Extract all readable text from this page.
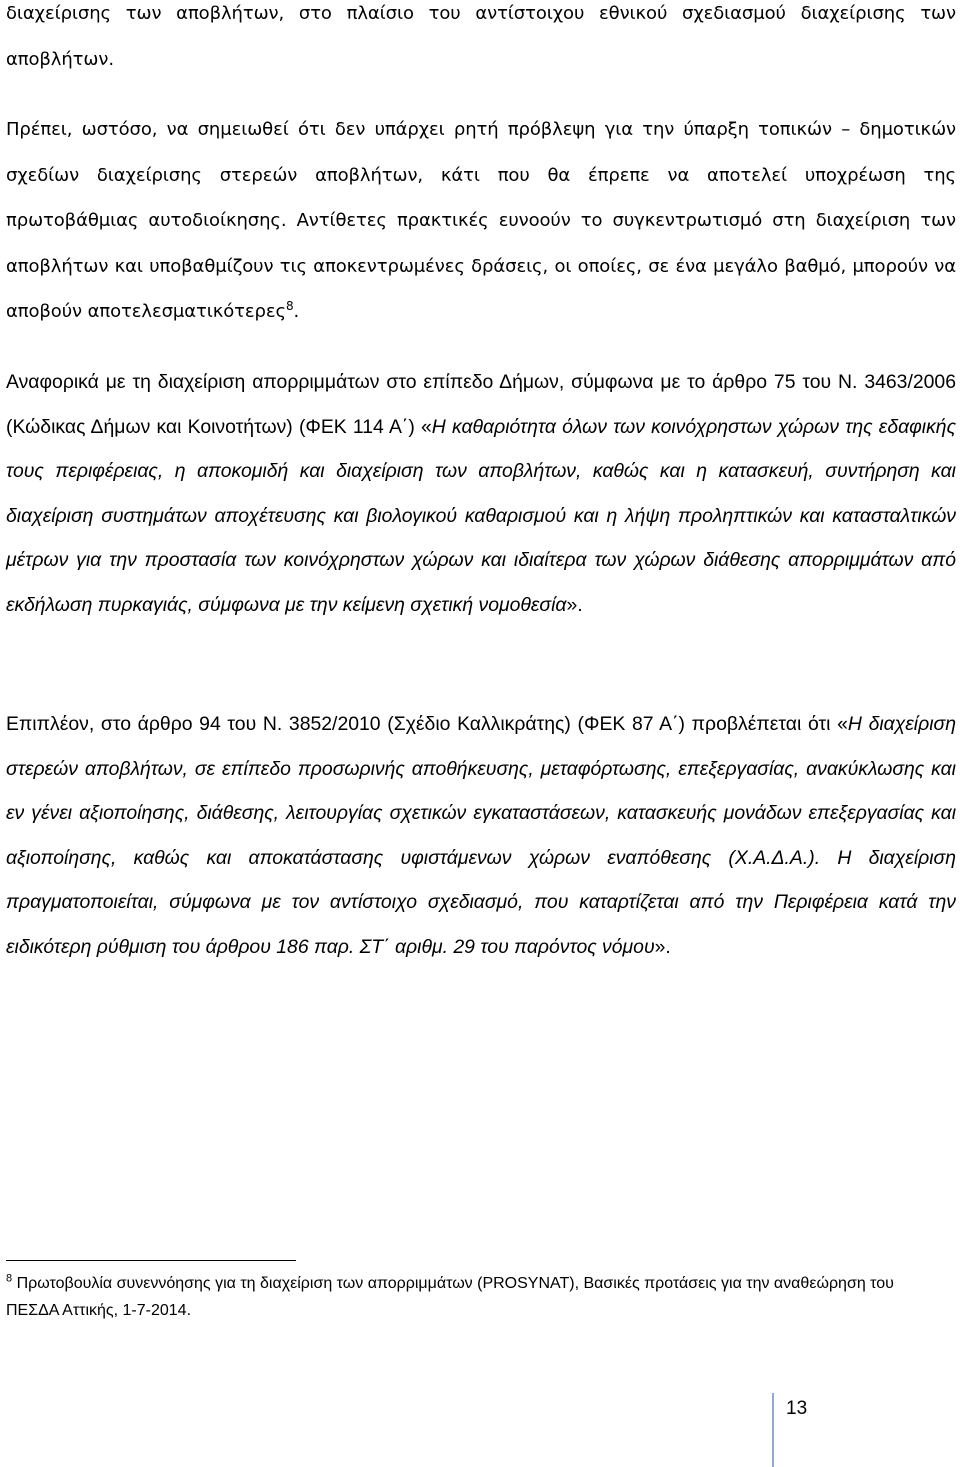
διαχείρισης των αποβλήτων, στο πλαίσιο του αντίστοιχου εθνικού σχεδιασμού διαχείρισης των αποβλήτων.

Πρέπει, ωστόσο, να σημειωθεί ότι δεν υπάρχει ρητή πρόβλεψη για την ύπαρξη τοπικών – δημοτικών σχεδίων διαχείρισης στερεών αποβλήτων, κάτι που θα έπρεπε να αποτελεί υποχρέωση της πρωτοβάθμιας αυτοδιοίκησης. Αντίθετες πρακτικές ευνοούν το συγκεντρωτισμό στη διαχείριση των αποβλήτων και υποβαθμίζουν τις αποκεντρωμένες δράσεις, οι οποίες, σε ένα μεγάλο βαθμό, μπορούν να αποβούν αποτελεσματικότερες$^8$.

Αναφορικά με τη διαχείριση απορριμμάτων στο επίπεδο Δήμων, σύμφωνα με το άρθρο 75 του Ν. 3463/2006 (Κώδικας Δήμων και Κοινοτήτων) (ΦΕΚ 114 Α΄) «Η καθαριότητα όλων των κοινόχρηστων χώρων της εδαφικής τους περιφέρειας, η αποκομιδή και διαχείριση των αποβλήτων, καθώς και η κατασκευή, συντήρηση και διαχείριση συστημάτων αποχέτευσης και βιολογικού καθαρισμού και η λήψη προληπτικών και κατασταλτικών μέτρων για την προστασία των κοινόχρηστων χώρων και ιδιαίτερα των χώρων διάθεσης απορριμμάτων από εκδήλωση πυρκαγιάς, σύμφωνα με την κείμενη σχετική νομοθεσία».

Επιπλέον, στο άρθρο 94 του Ν. 3852/2010 (Σχέδιο Καλλικράτης) (ΦΕΚ 87 Α΄) προβλέπεται ότι «Η διαχείριση στερεών αποβλήτων, σε επίπεδο προσωρινής αποθήκευσης, μεταφόρτωσης, επεξεργασίας, ανακύκλωσης και εν γένει αξιοποίησης, διάθεσης, λειτουργίας σχετικών εγκαταστάσεων, κατασκευής μονάδων επεξεργασίας και αξιοποίησης, καθώς και αποκατάστασης υφιστάμενων χώρων εναπόθεσης (Χ.Α.Δ.Α.). Η διαχείριση πραγματοποιείται, σύμφωνα με τον αντίστοιχο σχεδιασμό, που καταρτίζεται από την Περιφέρεια κατά την ειδικότερη ρύθμιση του άρθρου 186 παρ. ΣΤ΄ αριθμ. 29 του παρόντος νόμου».

$^8$ Πρωτοβουλία συνεννόησης για τη διαχείριση των απορριμμάτων (PROSYNAT), Βασικές προτάσεις για την αναθεώρηση του ΠΕΣΔΑ Αττικής, 1-7-2014.

13
